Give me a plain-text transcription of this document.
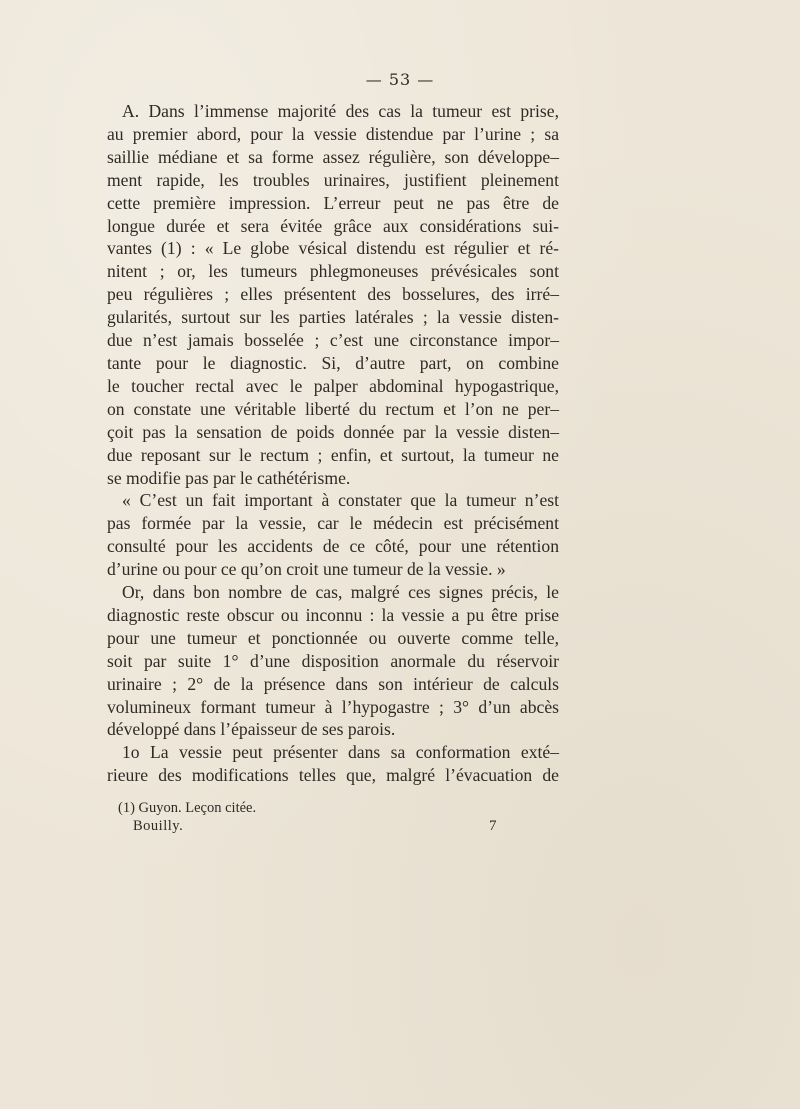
— 53 —
A. Dans l’immense majorité des cas la tumeur est prise,
au premier abord, pour la vessie distendue par l’urine ; sa
saillie médiane et sa forme assez régulière, son développe–
ment rapide, les troubles urinaires, justifient pleinement
cette première impression. L’erreur peut ne pas être de
longue durée et sera évitée grâce aux considérations sui-
vantes (1) : « Le globe vésical distendu est régulier et ré-
nitent ; or, les tumeurs phlegmoneuses prévésicales sont
peu régulières ; elles présentent des bosselures, des irré–
gularités, surtout sur les parties latérales ; la vessie disten-
due n’est jamais bosselée ; c’est une circonstance impor–
tante pour le diagnostic. Si, d’autre part, on combine
le toucher rectal avec le palper abdominal hypogastrique,
on constate une véritable liberté du rectum et l’on ne per–
çoit pas la sensation de poids donnée par la vessie disten–
due reposant sur le rectum ; enfin, et surtout, la tumeur ne
se modifie pas par le cathétérisme.
« C’est un fait important à constater que la tumeur n’est
pas formée par la vessie, car le médecin est précisément
consulté pour les accidents de ce côté, pour une rétention
d’urine ou pour ce qu’on croit une tumeur de la vessie. »
Or, dans bon nombre de cas, malgré ces signes précis, le
diagnostic reste obscur ou inconnu : la vessie a pu être prise
pour une tumeur et ponctionnée ou ouverte comme telle,
soit par suite 1° d’une disposition anormale du réservoir
urinaire ; 2° de la présence dans son intérieur de calculs
volumineux formant tumeur à l’hypogastre ; 3° d’un abcès
développé dans l’épaisseur de ses parois.
1o La vessie peut présenter dans sa conformation exté–
rieure des modifications telles que, malgré l’évacuation de
(1) Guyon. Leçon citée.
Bouilly.	7
